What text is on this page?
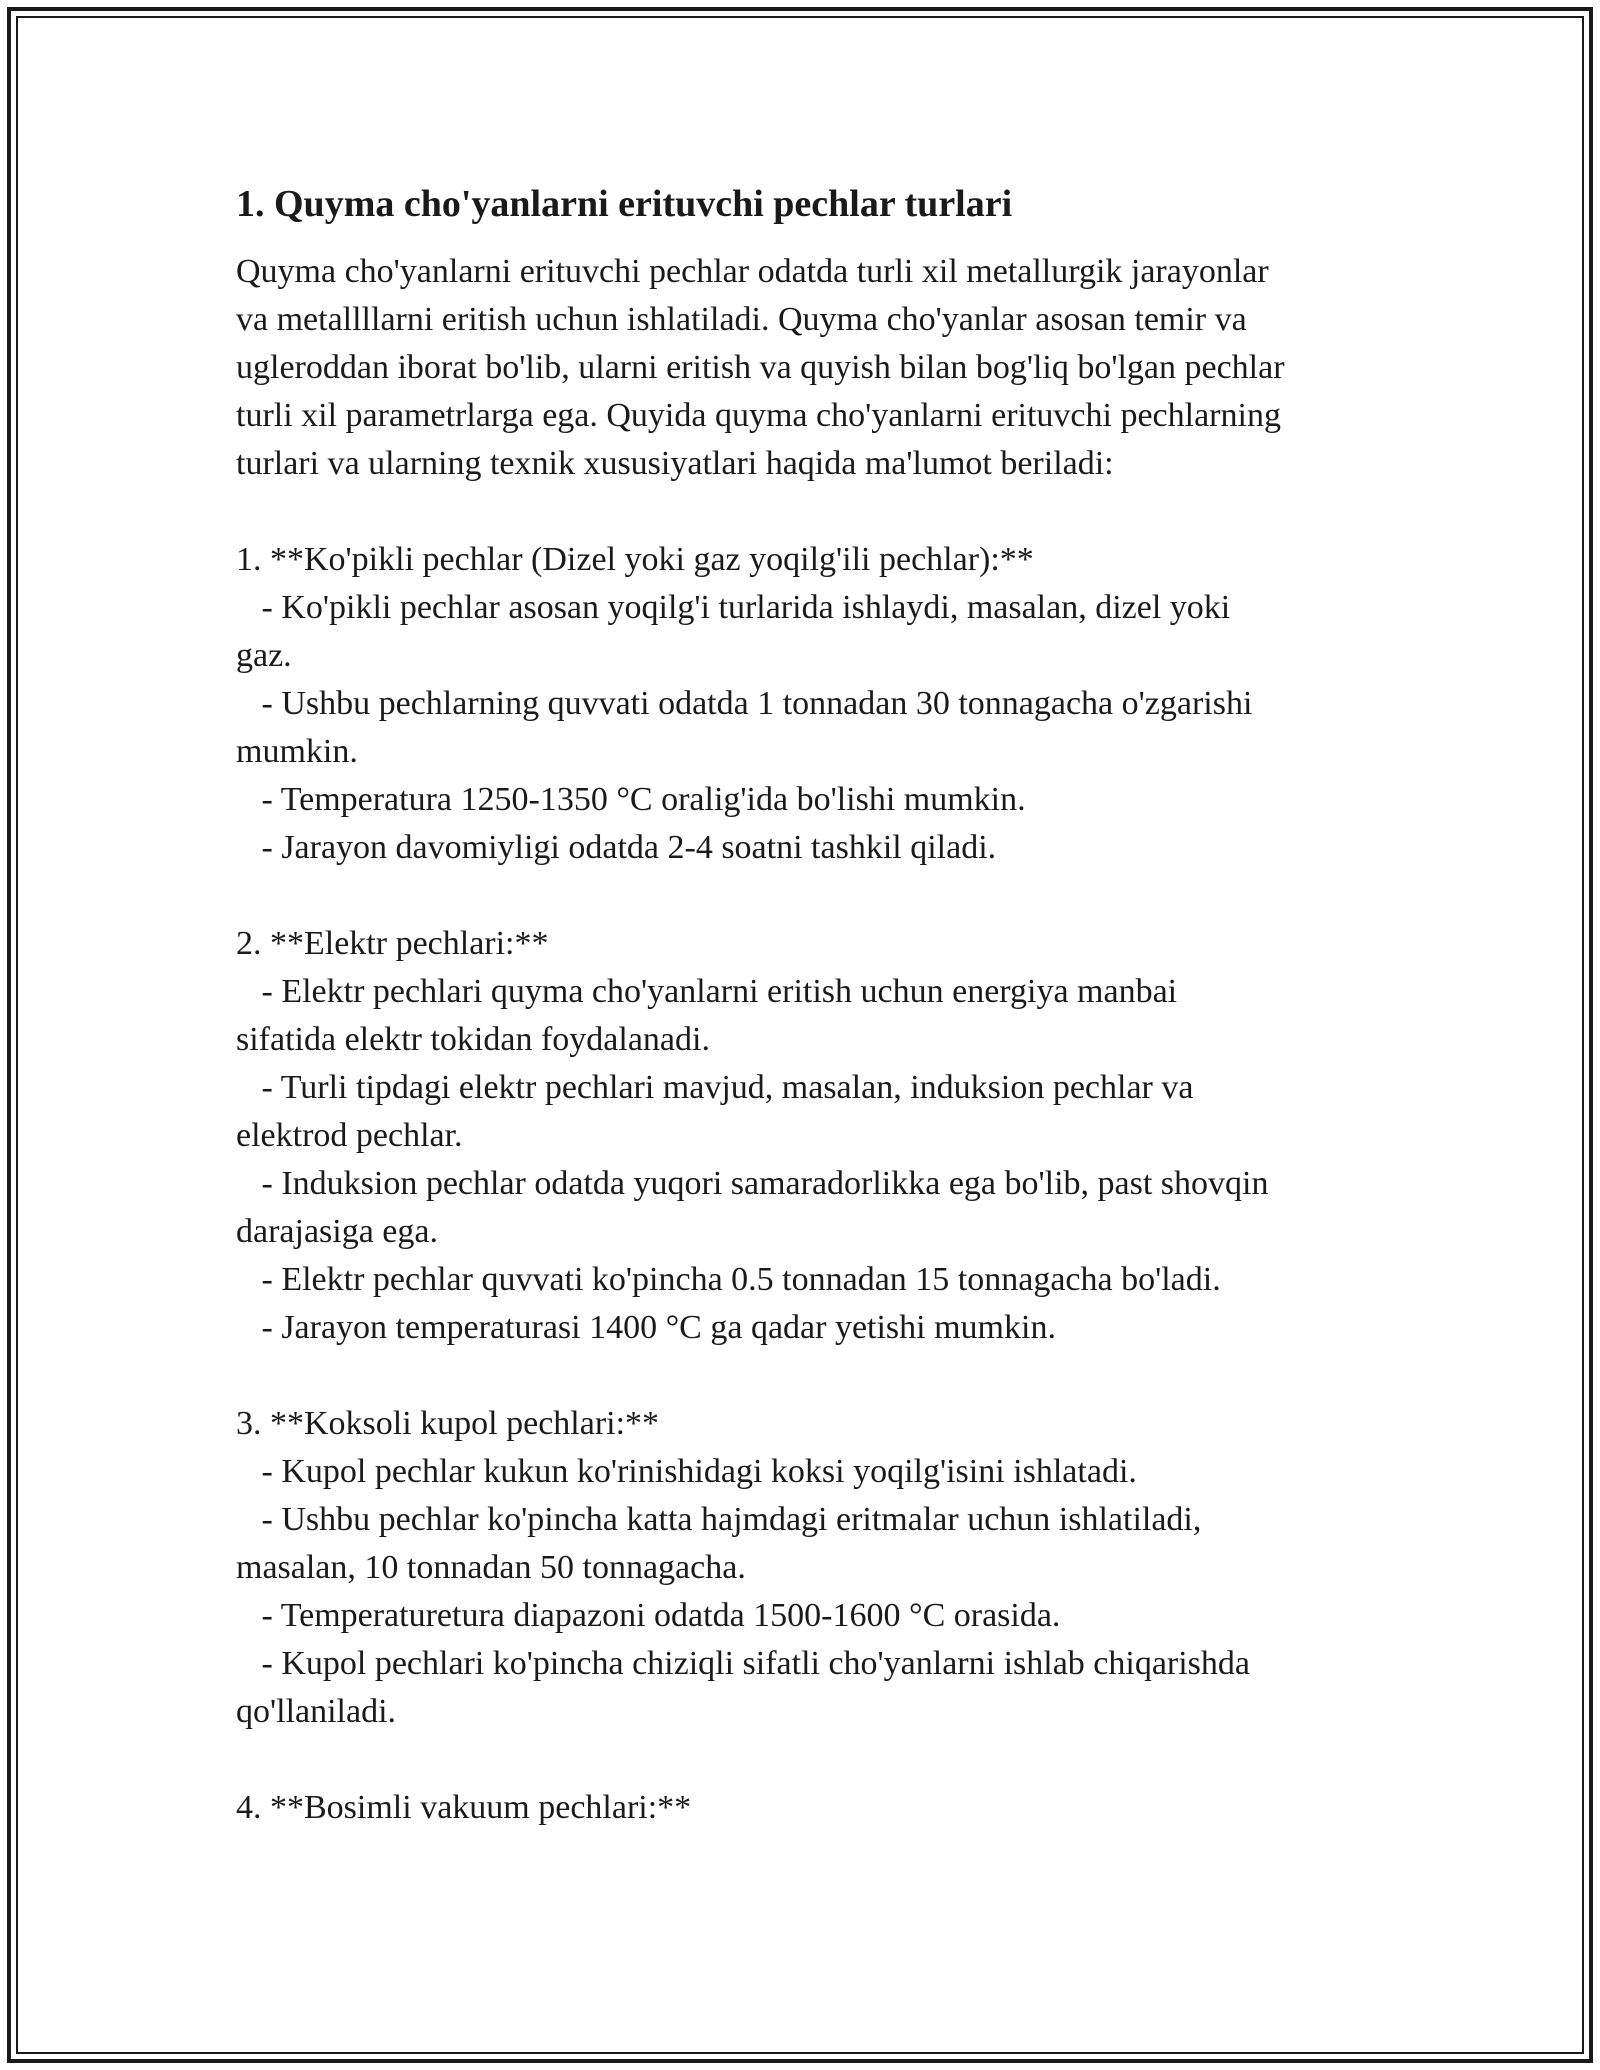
1. Quyma cho'yanlarni erituvchi pechlar turlari
Quyma cho'yanlarni erituvchi pechlar odatda turli xil metallurgik jarayonlar
va metallllarni eritish uchun ishlatiladi. Quyma cho'yanlar asosan temir va
ugleroddan iborat bo'lib, ularni eritish va quyish bilan bog'liq bo'lgan pechlar
turli xil parametrlarga ega. Quyida quyma cho'yanlarni erituvchi pechlarning
turlari va ularning texnik xususiyatlari haqida ma'lumot beriladi:
1. **Ko'pikli pechlar (Dizel yoki gaz yoqilg'ili pechlar):**
- Ko'pikli pechlar asosan yoqilg'i turlarida ishlaydi, masalan, dizel yoki
gaz.
- Ushbu pechlarning quvvati odatda 1 tonnadan 30 tonnagacha o'zgarishi
mumkin.
- Temperatura 1250-1350 °C oralig'ida bo'lishi mumkin.
- Jarayon davomiyligi odatda 2-4 soatni tashkil qiladi.
2. **Elektr pechlari:**
- Elektr pechlari quyma cho'yanlarni eritish uchun energiya manbai
sifatida elektr tokidan foydalanadi.
- Turli tipdagi elektr pechlari mavjud, masalan, induksion pechlar va
elektrod pechlar.
- Induksion pechlar odatda yuqori samaradorlikka ega bo'lib, past shovqin
darajasiga ega.
- Elektr pechlar quvvati ko'pincha 0.5 tonnadan 15 tonnagacha bo'ladi.
- Jarayon temperaturasi 1400 °C ga qadar yetishi mumkin.
3. **Koksoli kupol pechlari:**
- Kupol pechlar kukun ko'rinishidagi koksi yoqilg'isini ishlatadi.
- Ushbu pechlar ko'pincha katta hajmdagi eritmalar uchun ishlatiladi,
masalan, 10 tonnadan 50 tonnagacha.
- Temperaturetura diapazoni odatda 1500-1600 °C orasida.
- Kupol pechlari ko'pincha chiziqli sifatli cho'yanlarni ishlab chiqarishda
qo'llaniladi.
4. **Bosimli vakuum pechlari:**
